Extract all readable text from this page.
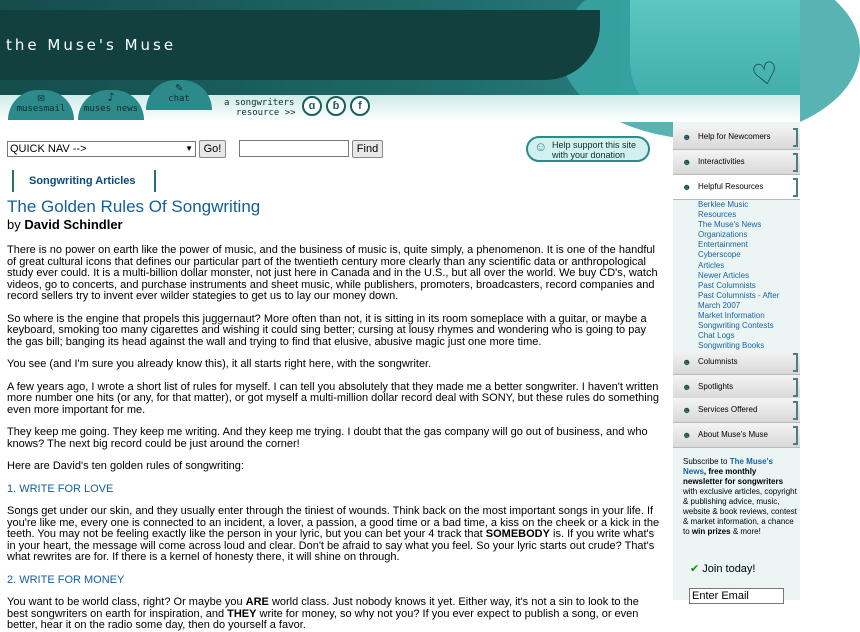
♡
the Muse's Muse
✉
musesmail
♪
muses news
✎
chat	a songwriters
resource >>
ɑ	ɓ	f
QUICK NAV -->	▼ Go!	Find	☺ Help support this site
with your donation
Songwriting Articles
The Golden Rules Of Songwriting
by David Schindler

There is no power on earth like the power of music, and the business of music is, quite simply, a phenomenon. It is one of the handful of great cultural icons that defines our particular part of the twentieth century more clearly than any scientific data or anthropological study ever could. It is a multi-billion dollar monster, not just here in Canada and in the U.S., but all over the world. We buy CD's, watch videos, go to concerts, and purchase instruments and sheet music, while publishers, promoters, broadcasters, record companies and record sellers try to invent ever wilder stategies to get us to lay our money down.

So where is the engine that propels this juggernaut? More often than not, it is sitting in its room someplace with a guitar, or maybe a keyboard, smoking too many cigarettes and wishing it could sing better; cursing at lousy rhymes and wondering who is going to pay the gas bill; banging its head against the wall and trying to find that elusive, abusive magic just one more time.

You see (and I'm sure you already know this), it all starts right here, with the songwriter.

A few years ago, I wrote a short list of rules for myself. I can tell you absolutely that they made me a better songwriter. I haven't written more number one hits (or any, for that matter), or got myself a multi-million dollar record deal with SONY, but these rules do something even more important for me.

They keep me going. They keep me writing. And they keep me trying. I doubt that the gas company will go out of business, and who knows? The next big record could be just around the corner!

Here are David's ten golden rules of songwriting:

1. WRITE FOR LOVE

Songs get under our skin, and they usually enter through the tiniest of wounds. Think back on the most important songs in your life. If you're like me, every one is connected to an incident, a lover, a passion, a good time or a bad time, a kiss on the cheek or a kick in the teeth. You may not be feeling exactly like the person in your lyric, but you can bet your 4 track that SOMEBODY is. If you write what's in your heart, the message will come across loud and clear. Don't be afraid to say what you feel. So your lyric starts out crude? That's what rewrites are for. If there is a kernel of honesty there, it will shine on through.

2. WRITE FOR MONEY

You want to be world class, right? Or maybe you ARE world class. Just nobody knows it yet. Either way, it's not a sin to look to the best songwriters on earth for inspiration, and THEY write for money, so why not you? If you ever expect to publish a song, or even better, hear it on the radio some day, then do yourself a favor.

☻ Help for Newcomers
☻ Interactivities
☻ Helpful Resources
Berklee Music
Resources
The Muse's News
Organizations
Entertainment
Cyberscope
Articles
Newer Articles
Past Columnists
Past Columnists - After
March 2007
Market Information
Songwriting Contests
Chat Logs
Songwriting Books
☻ Columnists
☻ Spotlights
☻ Services Offered
☻ About Muse's Muse
Subscribe to The Muse's News, free monthly newsletter for songwriters with exclusive articles, copyright & publishing advice, music, website & book reviews, contest & market information, a chance to win prizes & more!
✔ Join today!
Enter Email
